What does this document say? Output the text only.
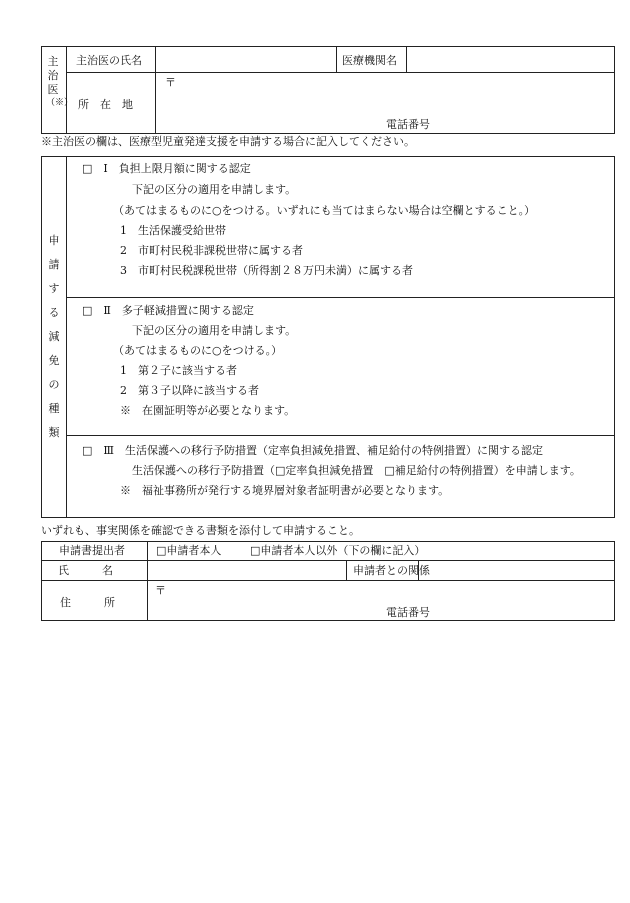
主
治
医
（※）
主治医の氏名	医療機関名
所　在　地
〒
電話番号
※主治医の欄は、医療型児童発達支援を申請する場合に記入してください。
申
請
す
る
減
免
の
種
類
□　Ⅰ　負担上限月額に関する認定
下記の区分の適用を申請します。
（あてはまるものに○をつける。いずれにも当てはまらない場合は空欄とすること。）
1　生活保護受給世帯
2　市町村民税非課税世帯に属する者
3　市町村民税課税世帯（所得割２８万円未満）に属する者
□　Ⅱ　多子軽減措置に関する認定
下記の区分の適用を申請します。
（あてはまるものに○をつける。）
1　第２子に該当する者
2　第３子以降に該当する者
※　在園証明等が必要となります。
□　Ⅲ　生活保護への移行予防措置（定率負担減免措置、補足給付の特例措置）に関する認定
生活保護への移行予防措置（□定率負担減免措置　□補足給付の特例措置）を申請します。
※　福祉事務所が発行する境界層対象者証明書が必要となります。
いずれも、事実関係を確認できる書類を添付して申請すること。
申請書提出者	□申請者本人	□申請者本人以外（下の欄に記入）
氏　　　名	申請者との関係
住　　　所
〒
電話番号
